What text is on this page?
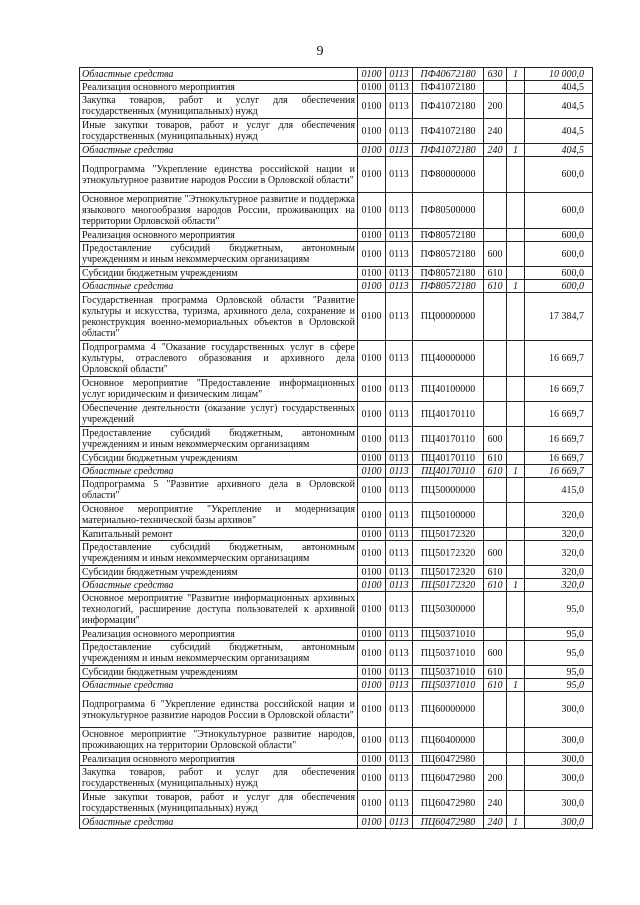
9
Областные средства	0100	0113	ПФ40672180	630	1	10 000,0
Реализация основного мероприятия	0100	0113	ПФ41072180			404,5
Закупка товаров, работ и услуг для обеспечения государственных (муниципальных) нужд	0100	0113	ПФ41072180	200		404,5
Иные закупки товаров, работ и услуг для обеспечения государственных (муниципальных) нужд	0100	0113	ПФ41072180	240		404,5
Областные средства	0100	0113	ПФ41072180	240	1	404,5
Подпрограмма "Укрепление единства российской нации и этнокультурное развитие народов России в Орловской области"	0100	0113	ПФ80000000			600,0
Основное мероприятие "Этнокультурное развитие и поддержка языкового многообразия народов России, проживающих на территории Орловской области"	0100	0113	ПФ80500000			600,0
Реализация основного мероприятия	0100	0113	ПФ80572180			600,0
Предоставление субсидий бюджетным, автономным учреждениям и иным некоммерческим организациям	0100	0113	ПФ80572180	600		600,0
Субсидии бюджетным учреждениям	0100	0113	ПФ80572180	610		600,0
Областные средства	0100	0113	ПФ80572180	610	1	600,0
Государственная программа Орловской области "Развитие культуры и искусства, туризма, архивного дела, сохранение и реконструкция военно-мемориальных объектов в Орловской области"	0100	0113	ПЦ00000000			17 384,7
Подпрограмма 4 "Оказание государственных услуг в сфере культуры, отраслевого образования и архивного дела Орловской области"	0100	0113	ПЦ40000000			16 669,7
Основное мероприятие "Предоставление информационных услуг юридическим и физическим лицам"	0100	0113	ПЦ40100000			16 669,7
Обеспечение деятельности (оказание услуг) государственных учреждений	0100	0113	ПЦ40170110			16 669,7
Предоставление субсидий бюджетным, автономным учреждениям и иным некоммерческим организациям	0100	0113	ПЦ40170110	600		16 669,7
Субсидии бюджетным учреждениям	0100	0113	ПЦ40170110	610		16 669,7
Областные средства	0100	0113	ПЦ40170110	610	1	16 669,7
Подпрограмма 5 "Развитие архивного дела в Орловской области"	0100	0113	ПЦ50000000			415,0
Основное мероприятие "Укрепление и модернизация материально-технической базы архивов"	0100	0113	ПЦ50100000			320,0
Капитальный ремонт	0100	0113	ПЦ50172320			320,0
Предоставление субсидий бюджетным, автономным учреждениям и иным некоммерческим организациям	0100	0113	ПЦ50172320	600		320,0
Субсидии бюджетным учреждениям	0100	0113	ПЦ50172320	610		320,0
Областные средства	0100	0113	ПЦ50172320	610	1	320,0
Основное мероприятие "Развитие информационных архивных технологий, расширение доступа пользователей к архивной информации"	0100	0113	ПЦ50300000			95,0
Реализация основного мероприятия	0100	0113	ПЦ50371010			95,0
Предоставление субсидий бюджетным, автономным учреждениям и иным некоммерческим организациям	0100	0113	ПЦ50371010	600		95,0
Субсидии бюджетным учреждениям	0100	0113	ПЦ50371010	610		95,0
Областные средства	0100	0113	ПЦ50371010	610	1	95,0
Подпрограмма 6 "Укрепление единства российской нации и этнокультурное развитие народов России в Орловской области"	0100	0113	ПЦ60000000			300,0
Основное мероприятие "Этнокультурное развитие народов, проживающих на территории Орловской области"	0100	0113	ПЦ60400000			300,0
Реализация основного мероприятия	0100	0113	ПЦ60472980			300,0
Закупка товаров, работ и услуг для обеспечения государственных (муниципальных) нужд	0100	0113	ПЦ60472980	200		300,0
Иные закупки товаров, работ и услуг для обеспечения государственных (муниципальных) нужд	0100	0113	ПЦ60472980	240		300,0
Областные средства	0100	0113	ПЦ60472980	240	1	300,0
